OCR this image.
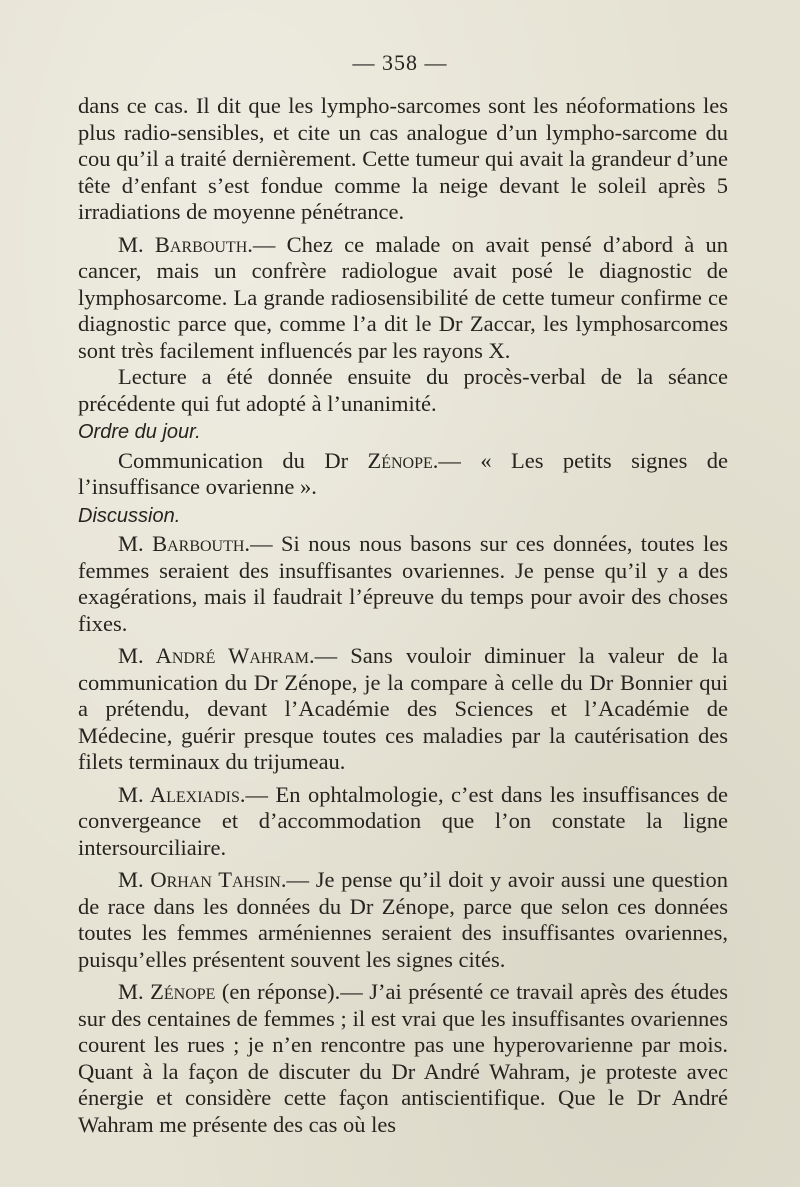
— 358 —

dans ce cas. Il dit que les lympho-sarcomes sont les néoformations les plus radio-sensibles, et cite un cas analogue d’un lympho-sarcome du cou qu’il a traité dernièrement. Cette tumeur qui avait la grandeur d’une tête d’enfant s’est fondue comme la neige devant le soleil après 5 irradiations de moyenne pénétrance.

M. Barbouth.— Chez ce malade on avait pensé d’abord à un cancer, mais un confrère radiologue avait posé le diagnostic de lymphosarcome. La grande radiosensibilité de cette tumeur confirme ce diagnostic parce que, comme l’a dit le Dr Zaccar, les lymphosarcomes sont très facilement influencés par les rayons X.

Lecture a été donnée ensuite du procès-verbal de la séance précédente qui fut adopté à l’unanimité.

Ordre du jour.

Communication du Dr Zénope.— « Les petits signes de l’insuffisance ovarienne ».

Discussion.

M. Barbouth.— Si nous nous basons sur ces données, toutes les femmes seraient des insuffisantes ovariennes. Je pense qu’il y a des exagérations, mais il faudrait l’épreuve du temps pour avoir des choses fixes.

M. André Wahram.— Sans vouloir diminuer la valeur de la communication du Dr Zénope, je la compare à celle du Dr Bonnier qui a prétendu, devant l’Académie des Sciences et l’Académie de Médecine, guérir presque toutes ces maladies par la cautérisation des filets terminaux du trijumeau.

M. Alexiadis.— En ophtalmologie, c’est dans les insuffisances de convergeance et d’accommodation que l’on constate la ligne intersourciliaire.

M. Orhan Tahsin.— Je pense qu’il doit y avoir aussi une question de race dans les données du Dr Zénope, parce que selon ces données toutes les femmes arméniennes seraient des insuffisantes ovariennes, puisqu’elles présentent souvent les signes cités.

M. Zénope (en réponse).— J’ai présenté ce travail après des études sur des centaines de femmes ; il est vrai que les insuffisantes ovariennes courent les rues ; je n’en rencontre pas une hyperovarienne par mois. Quant à la façon de discuter du Dr André Wahram, je proteste avec énergie et considère cette façon antiscientifique. Que le Dr André Wahram me présente des cas où les
